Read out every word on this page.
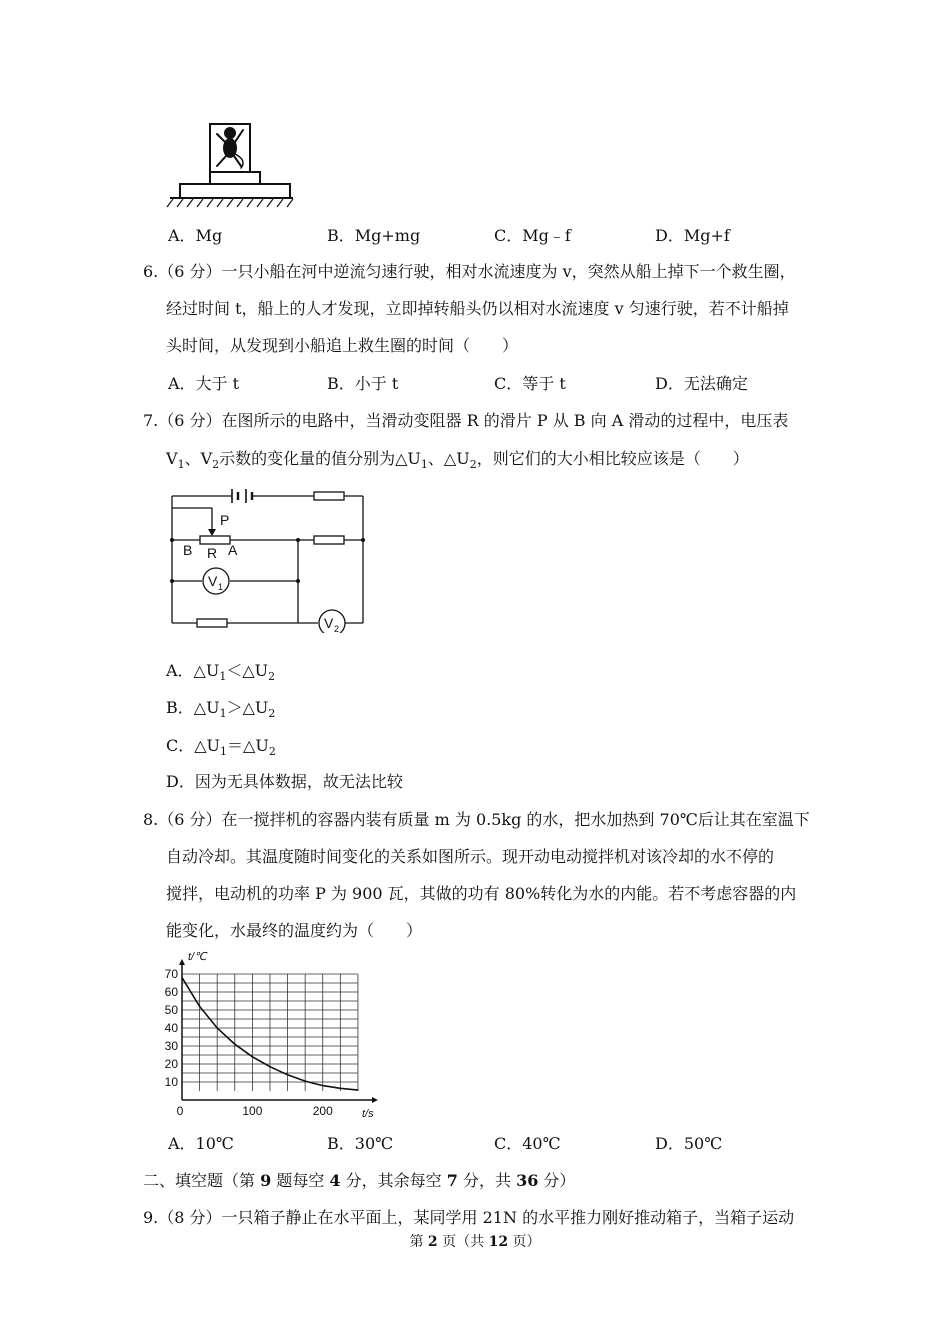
A．Mg	B．Mg+mg	C．Mg﹣f	D．Mg+f
6.（6 分）一只小船在河中逆流匀速行驶，相对水流速度为 v，突然从船上掉下一个救生圈，
经过时间 t，船上的人才发现，立即掉转船头仍以相对水流速度 v 匀速行驶，若不计船掉
头时间，从发现到小船追上救生圈的时间（　　）
A．大于 t	B．小于 t	C．等于 t	D．无法确定
7.（6 分）在图所示的电路中，当滑动变阻器 R 的滑片 P 从 B 向 A 滑动的过程中，电压表
$V_1$、$V_2$示数的变化量的值分别为$\triangle U_1$、$\triangle U_2$，则它们的大小相比较应该是（　　）
P
B R A
V 1
V 2
A．$\triangle U_1<\triangle U_2$
B．$\triangle U_1>\triangle U_2$
C．$\triangle U_1=\triangle U_2$
D．因为无具体数据，故无法比较
8.（6 分）在一搅拌机的容器内装有质量 m 为 0.5kg 的水，把水加热到 70℃后让其在室温下
自动冷却。其温度随时间变化的关系如图所示。现开动电动搅拌机对该冷却的水不停的
搅拌，电动机的功率 P 为 900 瓦，其做的功有 80%转化为水的内能。若不考虑容器的内
能变化，水最终的温度约为（　　）
10
20
30
40
50
60
70
0	100	200
t/℃
t/s
A．10℃	B．30℃	C．40℃	D．50℃
二、填空题（第 9 题每空 4 分，其余每空 7 分，共 36 分）
9.（8 分）一只箱子静止在水平面上，某同学用 21N 的水平推力刚好推动箱子，当箱子运动
第 2 页（共 12 页）
